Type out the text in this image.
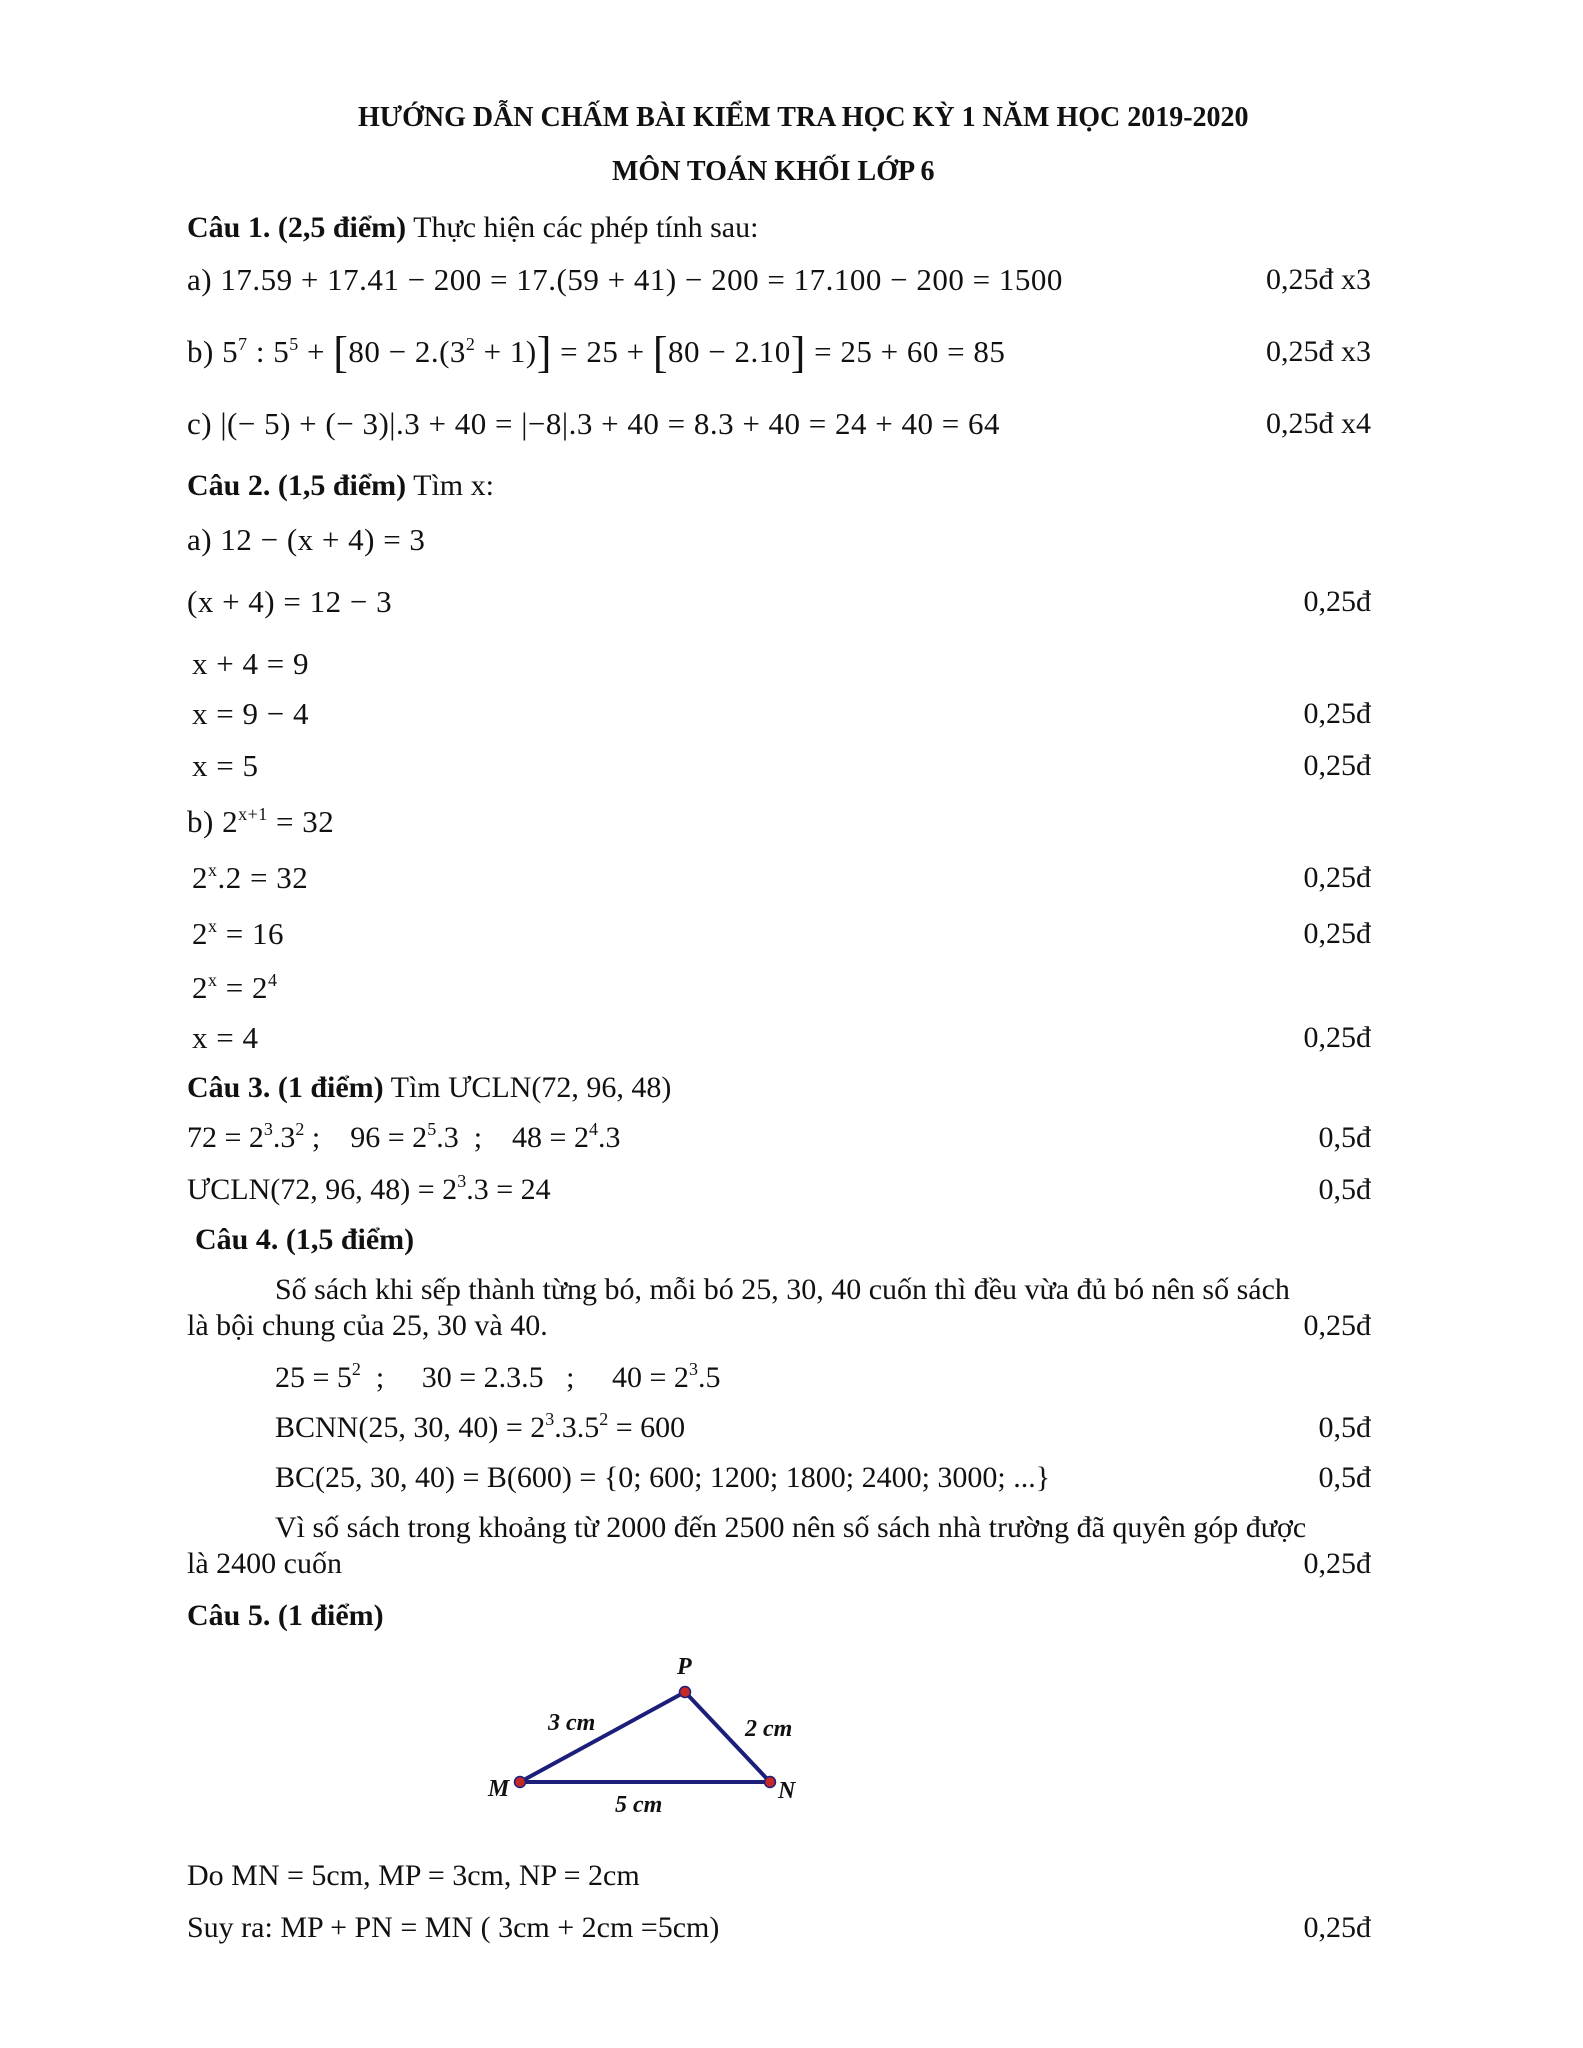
HƯỚNG DẪN CHẤM BÀI KIỂM TRA HỌC KỲ 1 NĂM HỌC 2019-2020
MÔN TOÁN KHỐI LỚP 6
Câu 1. (2,5 điểm) Thực hiện các phép tính sau:
a) 17.59 + 17.41 − 200 = 17.(59 + 41) − 200 = 17.100 − 200 = 1500	0,25đ x3
b) $5^7$ : $5^5 + [80 - 2.(3^2 + 1)] = 25 + [80 - 2.10] = 25 + 60 = 85$	0,25đ x3
c) |(− 5) + (− 3)|.3 + 40 = |−8|.3 + 40 = 8.3 + 40 = 24 + 40 = 64	0,25đ x4
Câu 2. (1,5 điểm) Tìm x:
a) 12 − (x + 4) = 3
(x + 4) = 12 − 3	0,25đ
x + 4 = 9
x = 9 − 4	0,25đ
x = 5	0,25đ
b) $2^{x+1} = 32$
$2^x.2 = 32$	0,25đ
$2^x = 16$	0,25đ
$2^x = 2^4$
x = 4	0,25đ
Câu 3. (1 điểm) Tìm ƯCLN(72, 96, 48)
$72 = 2^3.3^2$ ;    $96 = 2^5.3$  ;    $48 = 2^4.3$	0,5đ
ƯCLN(72, 96, $48) = 2^3.3 = 24$	0,5đ
Câu 4. (1,5 điểm)
Số sách khi sếp thành từng bó, mỗi bó 25, 30, 40 cuốn thì đều vừa đủ bó nên số sách
là bội chung của 25, 30 và 40.	0,25đ
$25 = 5^2$  ;     30 = 2.3.5   ;     $40 = 2^3.5$
BCNN(25, 30, $40) = 2^3.3.5^2 = 600$	0,5đ
BC(25, 30, 40) = B(600) = {0; 600; 1200; 1800; 2400; 3000; ...}	0,5đ
Vì số sách trong khoảng từ 2000 đến 2500 nên số sách nhà trường đã quyên góp được
là 2400 cuốn	0,25đ
Câu 5. (1 điểm)
P
M	N
3 cm	2 cm
5 cm
Do MN = 5cm, MP = 3cm, NP = 2cm
Suy ra: MP + PN = MN ( 3cm + 2cm =5cm)	0,25đ
